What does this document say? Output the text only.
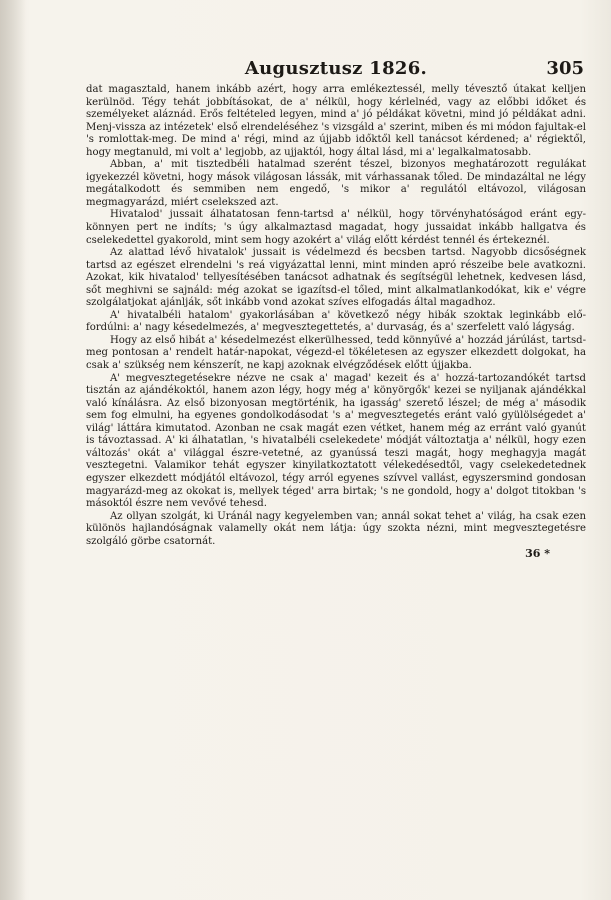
Augusztusz 1826.	305

dat magasztald, hanem inkább azért, hogy arra emlékeztessél, melly tévesztő útakat kelljen kerülnöd. Tégy tehát jobbításokat, de a' nélkül, hogy kérlelnéd, vagy az előbbi időket és személyeket aláznád. Erős feltételed legyen, mind a' jó példákat követni, mind jó példákat adni. Menj-vissza az intézetek' első elrendeléséhez 's vizsgáld a' szerint, miben és mi módon fajultak-el 's romlottak-meg. De mind a' régi, mind az újjabb időktől kell tanácsot kérdened; a' régiektől, hogy megtanuld, mi volt a' legjobb, az ujjaktól, hogy által lásd, mi a' legalkalmatosabb.

Abban, a' mit tisztedbéli hatalmad szerént tészel, bizonyos meghatározott regulákat igyekezzél követni, hogy mások világosan lássák, mit várhassanak tőled. De mindazáltal ne légy megátalkodott és semmiben nem engedő, 's mikor a' regulától eltávozol, világosan megmagyarázd, miért cselekszed azt.

Hivatalod' jussait álhatatosan fenn-tartsd a' nélkül, hogy törvényhatóságod eránt egy-könnyen pert ne indíts; 's úgy alkalmaztasd magadat, hogy jussaidat inkább hallgatva és cselekedettel gyakorold, mint sem hogy azokért a' világ előtt kérdést tennél és értekeznél.

Az alattad lévő hivatalok' jussait is védelmezd és becsben tartsd. Nagyobb dicsőségnek tartsd az egészet elrendelni 's reá vigyázattal lenni, mint minden apró részeibe bele avatkozni. Azokat, kik hivatalod' tellyesítésében tanácsot adhatnak és segítségül lehetnek, kedvesen lásd, sőt meghivni se sajnáld: még azokat se igazítsd-el tőled, mint alkalmatlankodókat, kik e' végre szolgálatjokat ajánlják, sőt inkább vond azokat szíves elfogadás által magadhoz.

A' hivatalbéli hatalom' gyakorlásában a' következő négy hibák szoktak leginkább elő-fordúlni: a' nagy késedelmezés, a' megvesztegettetés, a' durvaság, és a' szerfelett való lágyság.

Hogy az első hibát a' késedelmezést elkerülhessed, tedd könnyűvé a' hozzád járúlást, tartsd-meg pontosan a' rendelt határ-napokat, végezd-el tökéletesen az egyszer elkezdett dolgokat, ha csak a' szükség nem kénszerít, ne kapj azoknak elvégződések előtt újjakba.

A' megvesztegetésekre nézve ne csak a' magad' kezeit és a' hozzá-tartozandókét tartsd tisztán az ajándékoktól, hanem azon légy, hogy még a' könyörgők' kezei se nyiljanak ajándékkal való kínálásra. Az első bizonyosan megtörténik, ha igasság' szerető lészel; de még a' második sem fog elmulni, ha egyenes gondolkodásodat 's a' megvesztegetés eránt való gyülölségedet a' világ' láttára kimutatod. Azonban ne csak magát ezen vétket, hanem még az erránt való gyanút is távoztassad. A' ki álhatatlan, 's hivatalbéli cselekedete' módját változtatja a' nélkül, hogy ezen változás' okát a' világgal észre-vetetné, az gyanússá teszi magát, hogy meghagyja magát vesztegetni. Valamikor tehát egyszer kinyilatkoztatott vélekedésedtől, vagy cselekedetednek egyszer elkezdett módjától eltávozol, tégy arról egyenes szívvel vallást, egyszersmind gondosan magyarázd-meg az okokat is, mellyek téged' arra birtak; 's ne gondold, hogy a' dolgot titokban 's másoktól észre nem vevővé tehesd.

Az ollyan szolgát, ki Uránál nagy kegyelemben van; annál sokat tehet a' világ, ha csak ezen különös hajlandóságnak valamelly okát nem látja: úgy szokta nézni, mint megvesztegetésre szolgáló görbe csatornát.

36 *
